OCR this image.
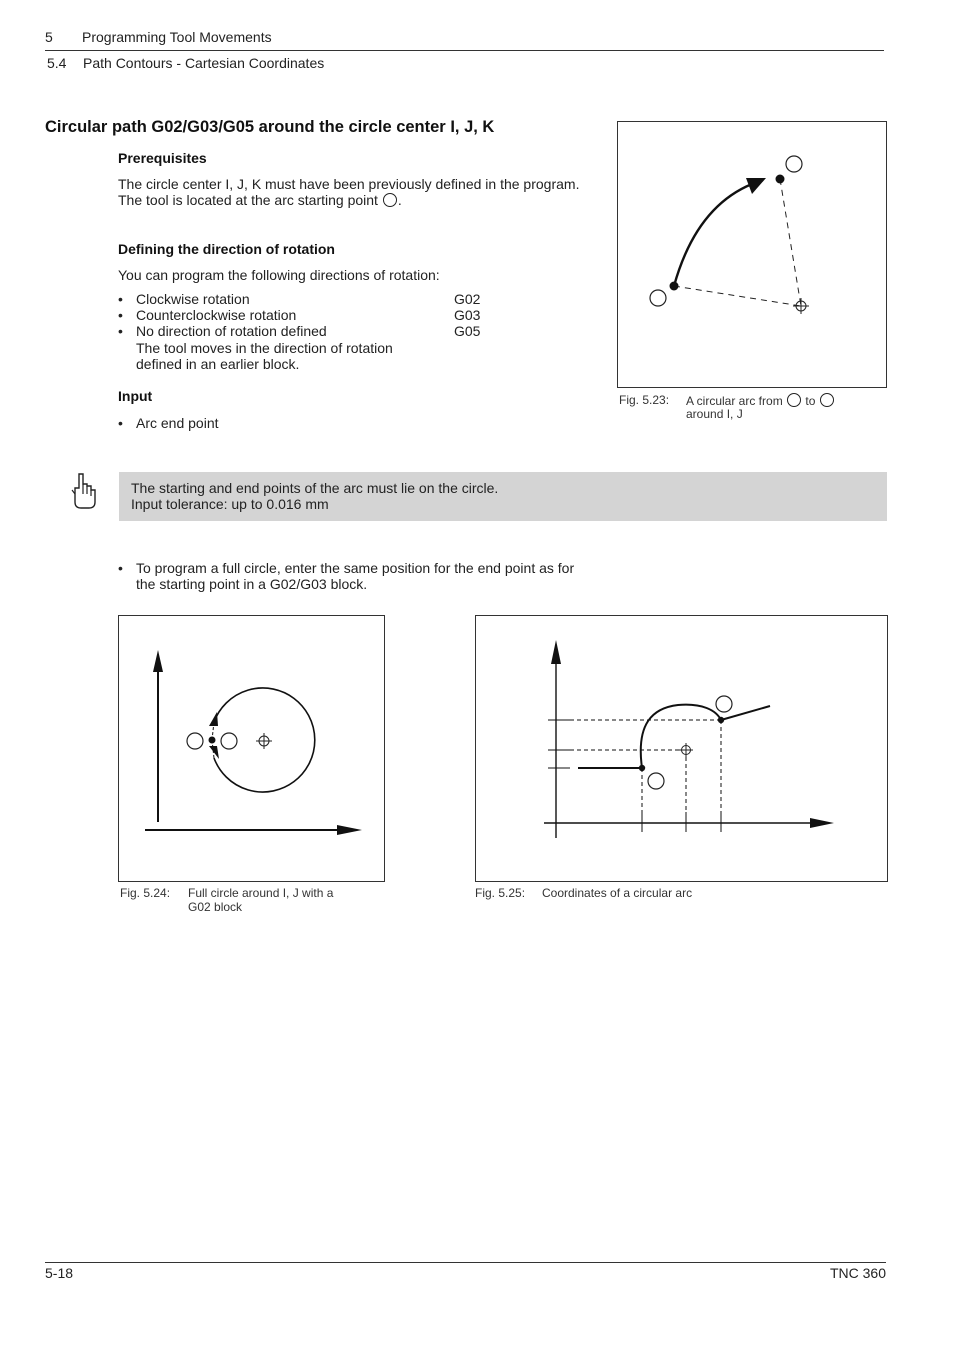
5 Programming Tool Movements
5.4 Path Contours - Cartesian Coordinates
Circular path G02/G03/G05 around the circle center I, J, K
Prerequisites
The circle center I, J, K must have been previously defined in the program.
The tool is located at the arc starting point .
Defining the direction of rotation
You can program the following directions of rotation:
• Clockwise rotation	G02
• Counterclockwise rotation	G03
• No direction of rotation defined	G05
The tool moves in the direction of rotation
defined in an earlier block.
Input
• Arc end point
Fig. 5.23: A circular arc from to
around I, J
The starting and end points of the arc must lie on the circle.
Input tolerance: up to 0.016 mm
• To program a full circle, enter the same position for the end point as for
the starting point in a G02/G03 block.
Fig. 5.24: Full circle around I, J with a
G02 block
Fig. 5.25: Coordinates of a circular arc
5-18	TNC 360
